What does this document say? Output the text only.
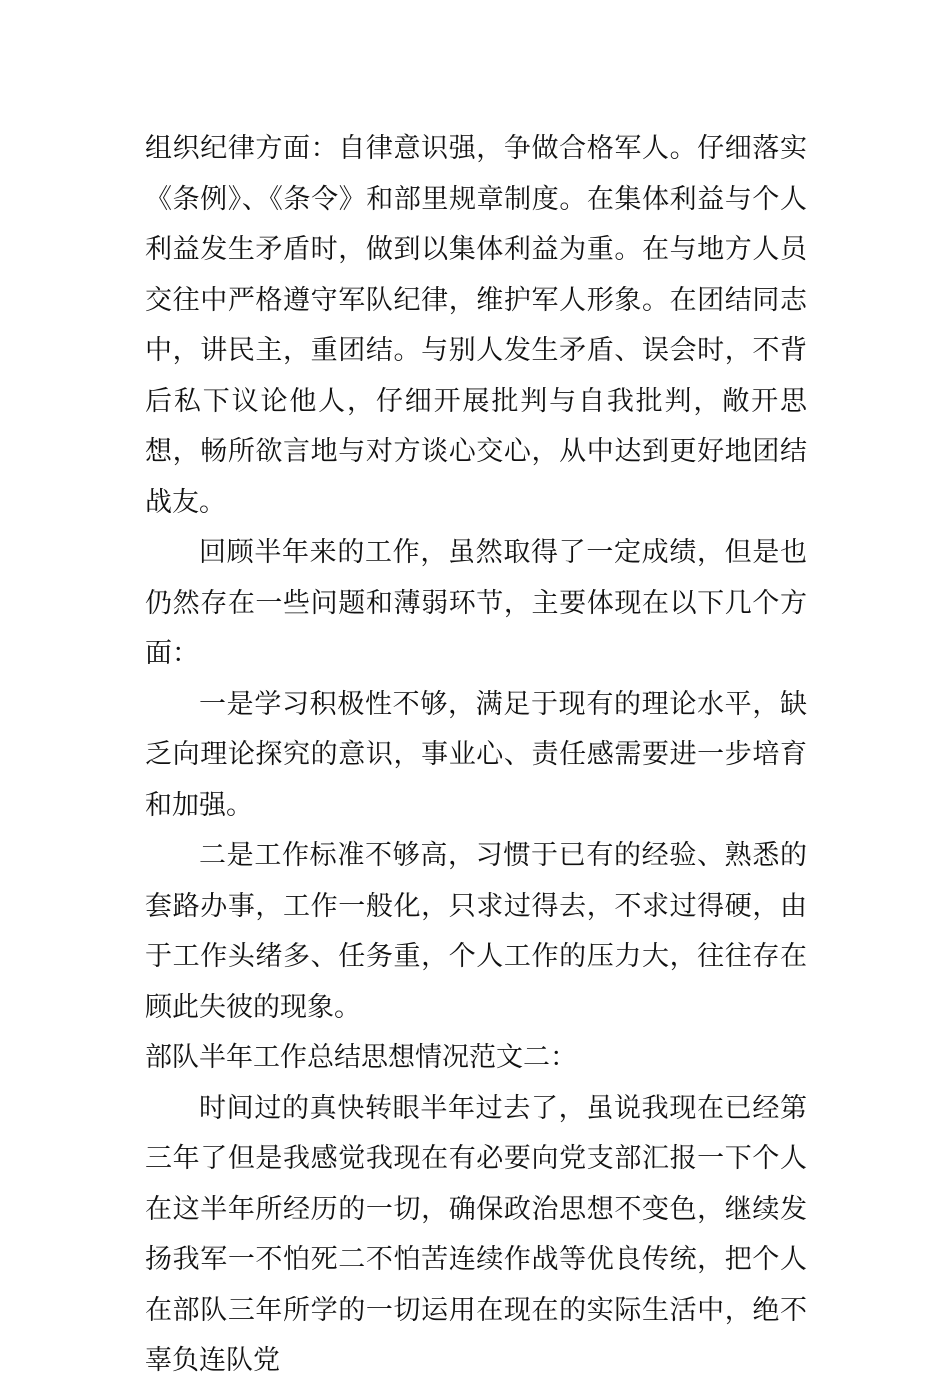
组织纪律方面：自律意识强，争做合格军人。仔细落实《条例》、《条令》和部里规章制度。在集体利益与个人利益发生矛盾时，做到以集体利益为重。在与地方人员交往中严格遵守军队纪律，维护军人形象。在团结同志中，讲民主，重团结。与别人发生矛盾、误会时，不背后私下议论他人，仔细开展批判与自我批判，敞开思想，畅所欲言地与对方谈心交心，从中达到更好地团结战友。

回顾半年来的工作，虽然取得了一定成绩，但是也仍然存在一些问题和薄弱环节，主要体现在以下几个方面：

一是学习积极性不够，满足于现有的理论水平，缺乏向理论探究的意识，事业心、责任感需要进一步培育和加强。

二是工作标准不够高，习惯于已有的经验、熟悉的套路办事，工作一般化，只求过得去，不求过得硬，由于工作头绪多、任务重，个人工作的压力大，往往存在顾此失彼的现象。

部队半年工作总结思想情况范文二：

时间过的真快转眼半年过去了，虽说我现在已经第三年了但是我感觉我现在有必要向党支部汇报一下个人在这半年所经历的一切，确保政治思想不变色，继续发扬我军一不怕死二不怕苦连续作战等优良传统，把个人在部队三年所学的一切运用在现在的实际生活中，绝不辜负连队党
